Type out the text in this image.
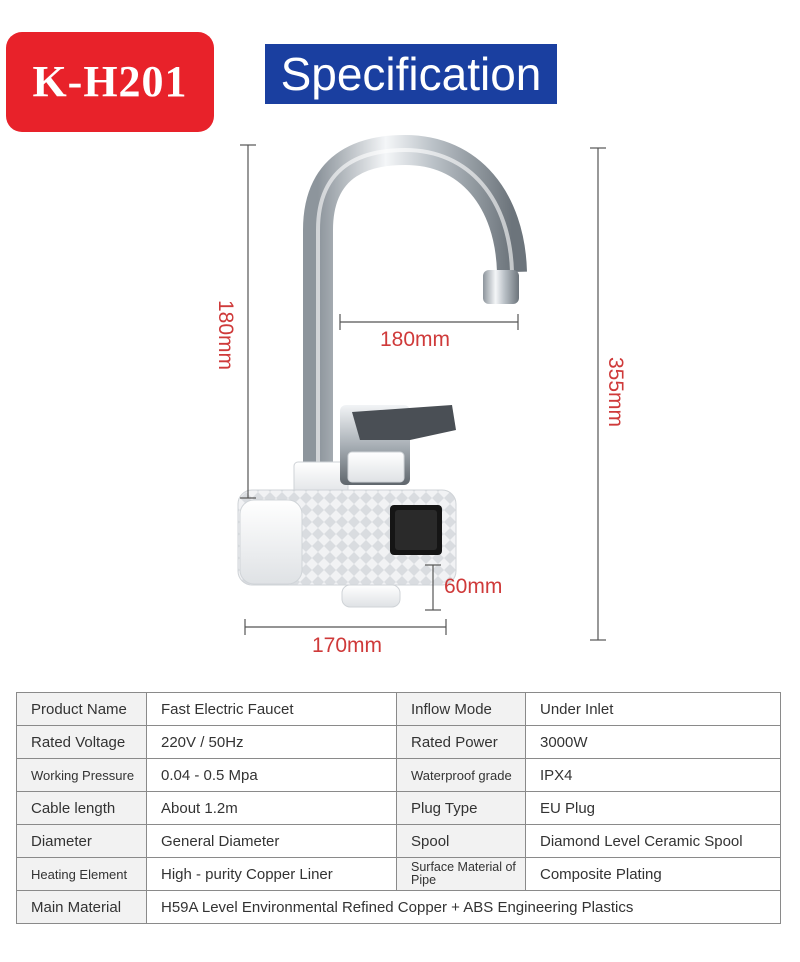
K-H201	Specification
180mm	180mm
355mm
60mm
170mm
Product Name	Fast Electric Faucet	Inflow Mode	Under Inlet
Rated Voltage	220V / 50Hz	Rated Power	3000W
Working Pressure	0.04 - 0.5 Mpa	Waterproof grade	IPX4
Cable length	About 1.2m	Plug Type	EU Plug
Diameter	General Diameter	Spool	Diamond Level Ceramic Spool
Heating Element	High - purity Copper Liner	Surface Material of Pipe	Composite Plating
Main Material	H59A Level Environmental Refined Copper + ABS Engineering Plastics		
